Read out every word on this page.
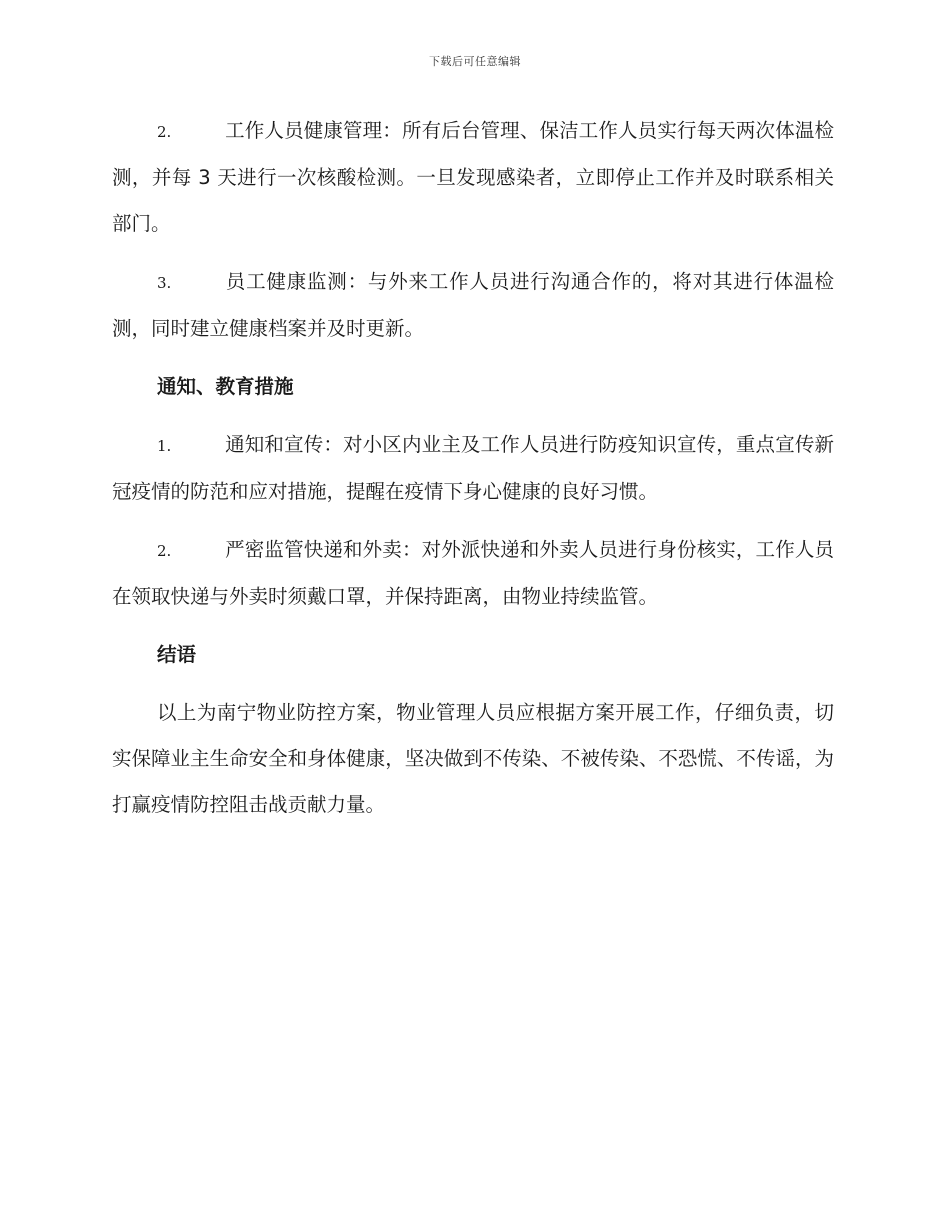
下载后可任意编辑

2.	工作人员健康管理：所有后台管理、保洁工作人员实行每天两次体温检测，并每 3 天进行一次核酸检测。一旦发现感染者，立即停止工作并及时联系相关部门。

3.	员工健康监测：与外来工作人员进行沟通合作的，将对其进行体温检测，同时建立健康档案并及时更新。

通知、教育措施

1.	通知和宣传：对小区内业主及工作人员进行防疫知识宣传，重点宣传新冠疫情的防范和应对措施，提醒在疫情下身心健康的良好习惯。

2.	严密监管快递和外卖：对外派快递和外卖人员进行身份核实，工作人员在领取快递与外卖时须戴口罩，并保持距离，由物业持续监管。

结语

以上为南宁物业防控方案，物业管理人员应根据方案开展工作，仔细负责，切实保障业主生命安全和身体健康，坚决做到不传染、不被传染、不恐慌、不传谣，为打赢疫情防控阻击战贡献力量。
